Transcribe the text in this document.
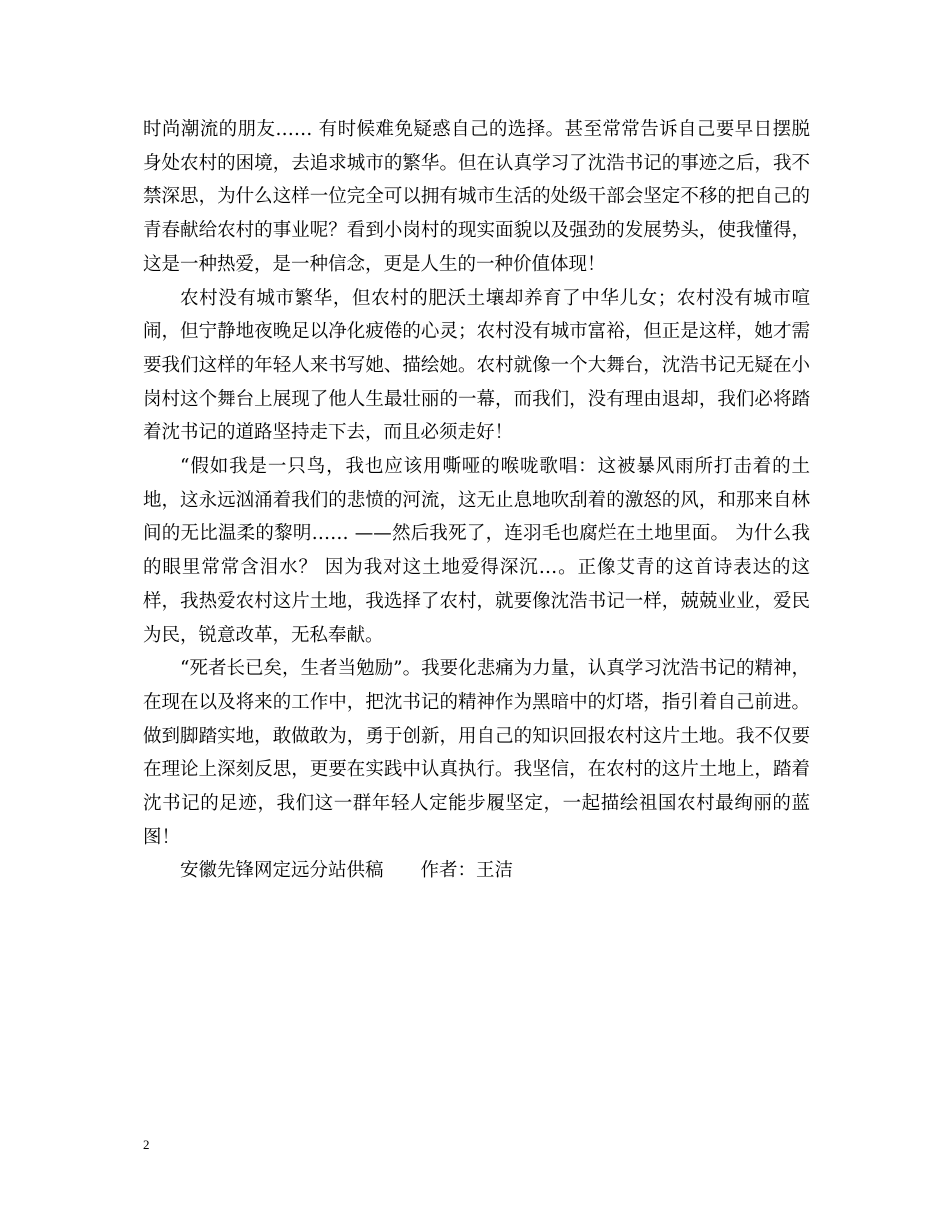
时尚潮流的朋友…… 有时候难免疑惑自己的选择。甚至常常告诉自己要早日摆脱身处农村的困境，去追求城市的繁华。但在认真学习了沈浩书记的事迹之后，我不禁深思，为什么这样一位完全可以拥有城市生活的处级干部会坚定不移的把自己的青春献给农村的事业呢？看到小岗村的现实面貌以及强劲的发展势头，使我懂得，这是一种热爱，是一种信念，更是人生的一种价值体现！

农村没有城市繁华，但农村的肥沃土壤却养育了中华儿女；农村没有城市喧闹，但宁静地夜晚足以净化疲倦的心灵；农村没有城市富裕，但正是这样，她才需要我们这样的年轻人来书写她、描绘她。农村就像一个大舞台，沈浩书记无疑在小岗村这个舞台上展现了他人生最壮丽的一幕，而我们，没有理由退却，我们必将踏着沈书记的道路坚持走下去，而且必须走好！

“假如我是一只鸟，我也应该用嘶哑的喉咙歌唱：这被暴风雨所打击着的土地，这永远汹涌着我们的悲愤的河流，这无止息地吹刮着的激怒的风，和那来自林间的无比温柔的黎明…… ——然后我死了，连羽毛也腐烂在土地里面。 为什么我的眼里常常含泪水？ 因为我对这土地爱得深沉…。正像艾青的这首诗表达的这样，我热爱农村这片土地，我选择了农村，就要像沈浩书记一样，兢兢业业，爱民为民，锐意改革，无私奉献。

“死者长已矣，生者当勉励”。我要化悲痛为力量，认真学习沈浩书记的精神，在现在以及将来的工作中，把沈书记的精神作为黑暗中的灯塔，指引着自己前进。做到脚踏实地，敢做敢为，勇于创新，用自己的知识回报农村这片土地。我不仅要在理论上深刻反思，更要在实践中认真执行。我坚信，在农村的这片土地上，踏着沈书记的足迹，我们这一群年轻人定能步履坚定，一起描绘祖国农村最绚丽的蓝图！

安徽先锋网定远分站供稿　　作者：王洁

2
